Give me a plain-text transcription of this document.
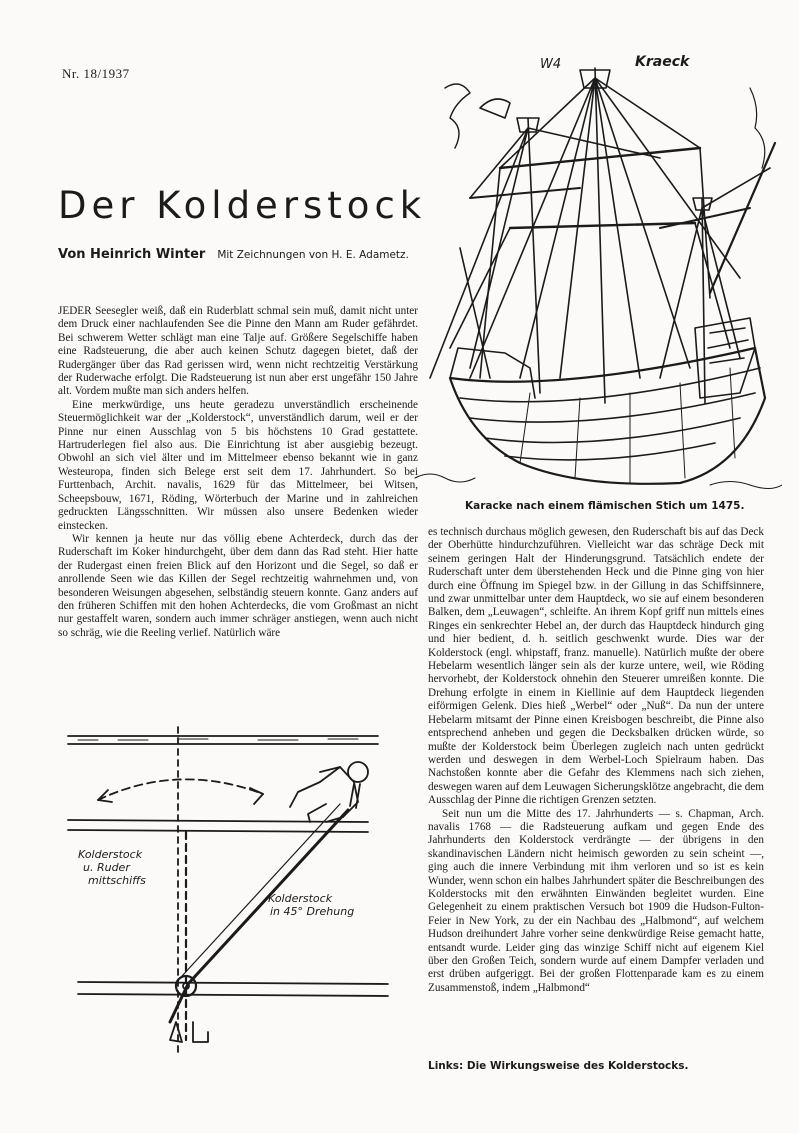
Nr. 18/1937
Der Kolderstock
Von Heinrich Winter Mit Zeichnungen von H. E. Adametz.
W4	Kraeck
Karacke nach einem flämischen Stich um 1475.

JEDER Seesegler weiß, daß ein Ruderblatt schmal sein muß, damit nicht unter dem Druck einer nachlaufenden See die Pinne den Mann am Ruder gefährdet. Bei schwerem Wetter schlägt man eine Talje auf. Größere Segelschiffe haben eine Radsteuerung, die aber auch keinen Schutz dagegen bietet, daß der Rudergänger über das Rad gerissen wird, wenn nicht rechtzeitig Verstärkung der Ruderwache erfolgt. Die Radsteuerung ist nun aber erst ungefähr 150 Jahre alt. Vordem mußte man sich anders helfen.

Eine merkwürdige, uns heute geradezu unverständlich erscheinende Steuermöglichkeit war der „Kolderstock“, unverständlich darum, weil er der Pinne nur einen Ausschlag von 5 bis höchstens 10 Grad gestattete. Hartruderlegen fiel also aus. Die Einrichtung ist aber ausgiebig bezeugt. Obwohl an sich viel älter und im Mittelmeer ebenso bekannt wie in ganz Westeuropa, finden sich Belege erst seit dem 17. Jahrhundert. So bei Furttenbach, Archit. navalis, 1629 für das Mittelmeer, bei Witsen, Scheepsbouw, 1671, Röding, Wörterbuch der Marine und in zahlreichen gedruckten Längsschnitten. Wir müssen also unsere Bedenken wieder einstecken.

Wir kennen ja heute nur das völlig ebene Achterdeck, durch das der Ruderschaft im Koker hindurchgeht, über dem dann das Rad steht. Hier hatte der Rudergast einen freien Blick auf den Horizont und die Segel, so daß er anrollende Seen wie das Killen der Segel rechtzeitig wahrnehmen und, von besonderen Weisungen abgesehen, selbständig steuern konnte. Ganz anders auf den früheren Schiffen mit den hohen Achterdecks, die vom Großmast an nicht nur gestaffelt waren, sondern auch immer schräger anstiegen, wenn auch nicht so schräg, wie die Reeling verlief. Natürlich wäre

es technisch durchaus möglich gewesen, den Ruderschaft bis auf das Deck der Oberhütte hindurchzuführen. Vielleicht war das schräge Deck mit seinem geringen Halt der Hinderungsgrund. Tatsächlich endete der Ruderschaft unter dem überstehenden Heck und die Pinne ging von hier durch eine Öffnung im Spiegel bzw. in der Gillung in das Schiffsinnere, und zwar unmittelbar unter dem Hauptdeck, wo sie auf einem besonderen Balken, dem „Leuwagen“, schleifte. An ihrem Kopf griff nun mittels eines Ringes ein senkrechter Hebel an, der durch das Hauptdeck hindurch ging und hier bedient, d. h. seitlich geschwenkt wurde. Dies war der Kolderstock (engl. whipstaff, franz. manuelle). Natürlich mußte der obere Hebelarm wesentlich länger sein als der kurze untere, weil, wie Röding hervorhebt, der Kolderstock ohnehin den Steuerer umreißen konnte. Die Drehung erfolgte in einem in Kiellinie auf dem Hauptdeck liegenden eiförmigen Gelenk. Dies hieß „Werbel“ oder „Nuß“. Da nun der untere Hebelarm mitsamt der Pinne einen Kreisbogen beschreibt, die Pinne also entsprechend anheben und gegen die Decksbalken drücken würde, so mußte der Kolderstock beim Überlegen zugleich nach unten gedrückt werden und deswegen in dem Werbel-Loch Spielraum haben. Das Nachstoßen konnte aber die Gefahr des Klemmens nach sich ziehen, deswegen waren auf dem Leuwagen Sicherungsklötze angebracht, die dem Ausschlag der Pinne die richtigen Grenzen setzten.

Seit nun um die Mitte des 17. Jahrhunderts — s. Chapman, Arch. navalis 1768 — die Radsteuerung aufkam und gegen Ende des Jahrhunderts den Kolderstock verdrängte — der übrigens in den skandinavischen Ländern nicht heimisch geworden zu sein scheint —, ging auch die innere Verbindung mit ihm verloren und so ist es kein Wunder, wenn schon ein halbes Jahrhundert später die Beschreibungen des Kolderstocks mit den erwähnten Einwänden begleitet wurden. Eine Gelegenheit zu einem praktischen Versuch bot 1909 die Hudson-Fulton-Feier in New York, zu der ein Nachbau des „Halbmond“, auf welchem Hudson dreihundert Jahre vorher seine denkwürdige Reise gemacht hatte, entsandt wurde. Leider ging das winzige Schiff nicht auf eigenem Kiel über den Großen Teich, sondern wurde auf einem Dampfer verladen und erst drüben aufgeriggt. Bei der großen Flottenparade kam es zu einem Zusammenstoß, indem „Halbmond“

Kolderstock
u. Ruder
mittschiffs
Kolderstock
in 45° Drehung
Links: Die Wirkungsweise des Kolderstocks.
